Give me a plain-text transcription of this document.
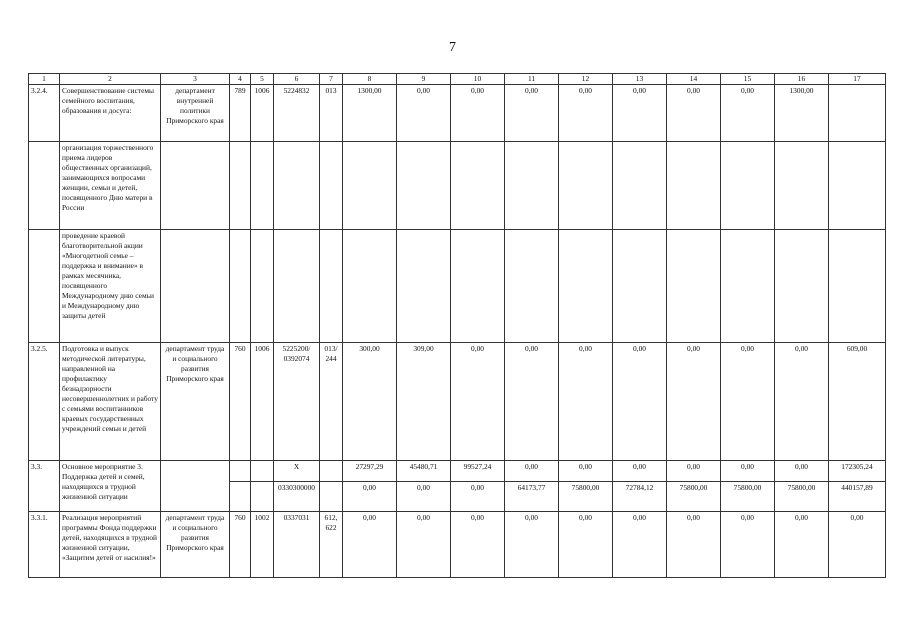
7
1	2	3	4	5	6	7	8	9	10	11	12	13	14	15	16	17
3.2.4.	Совершенствование системы семейного воспитания, образования и досуга:	департамент внутренней политики Приморского края	789	1006	5224832	013	1300,00	0,00	0,00	0,00	0,00	0,00	0,00	0,00	1300,00	
	организация торжественного приема лидеров общественных организаций, занимающихся вопросами женщин, семьи и детей, посвященного Дню матери в России															
	проведение краевой благотворительной акции «Многодетной семье – поддержка и внимание» в рамках месячника, посвященного Международному дню семьи и Международному дню защиты детей															
3.2.5.	Подготовка и выпуск методической литературы, направленной на профилактику безнадзорности несовершеннолетних и работу с семьями воспитанников краевых государственных учреждений семьи и детей	департамент труда и социального развития Приморского края	760	1006	5225200/ 0392074	013/ 244	300,00	309,00	0,00	0,00	0,00	0,00	0,00	0,00	0,00	609,00
3.3.	Основное мероприятие 3. Поддержка детей и семей, находящихся в трудной жизненной ситуации				X		27297,29	45480,71	99527,24	0,00	0,00	0,00	0,00	0,00	0,00	172305,24
					0330300000		0,00	0,00	0,00	64173,77	75800,00	72784,12	75800,00	75800,00	75800,00	440157,89
3.3.1.	Реализация мероприятий программы Фонда поддержки детей, находящихся в трудной жизненной ситуации, «Защитим детей от насилия!»	департамент труда и социального развития Приморского края	760	1002	0337031	612, 622	0,00	0,00	0,00	0,00	0,00	0,00	0,00	0,00	0,00	0,00
